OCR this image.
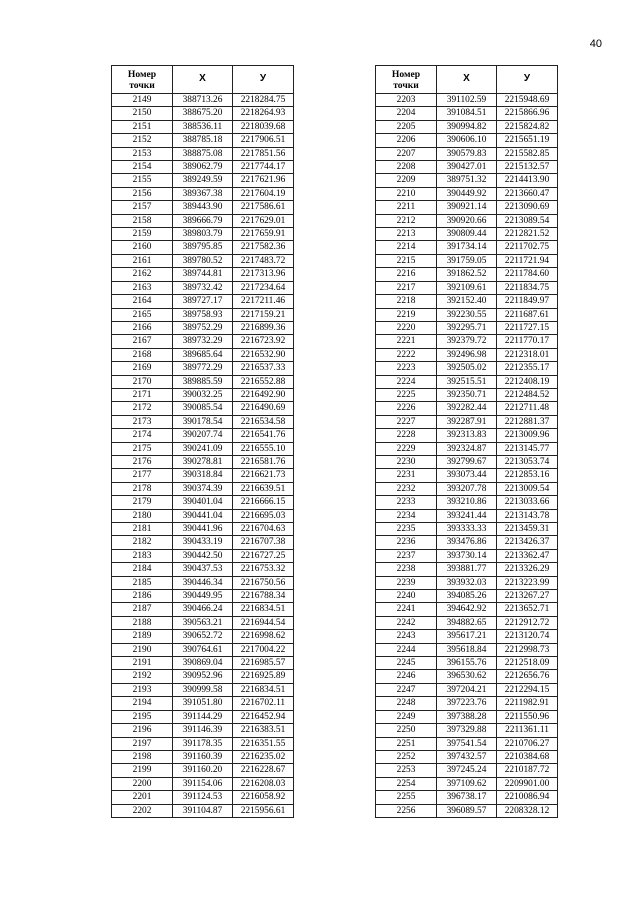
40
Номер
точки	Х	У
2149	388713.26	2218284.75
2150	388675.20	2218264.93
2151	388536.11	2218039.68
2152	388785.18	2217906.51
2153	388875.08	2217851.56
2154	389062.79	2217744.17
2155	389249.59	2217621.96
2156	389367.38	2217604.19
2157	389443.90	2217586.61
2158	389666.79	2217629.01
2159	389803.79	2217659.91
2160	389795.85	2217582.36
2161	389780.52	2217483.72
2162	389744.81	2217313.96
2163	389732.42	2217234.64
2164	389727.17	2217211.46
2165	389758.93	2217159.21
2166	389752.29	2216899.36
2167	389732.29	2216723.92
2168	389685.64	2216532.90
2169	389772.29	2216537.33
2170	389885.59	2216552.88
2171	390032.25	2216492.90
2172	390085.54	2216490.69
2173	390178.54	2216534.58
2174	390207.74	2216541.76
2175	390241.09	2216555.10
2176	390278.81	2216581.76
2177	390318.84	2216621.73
2178	390374.39	2216639.51
2179	390401.04	2216666.15
2180	390441.04	2216695.03
2181	390441.96	2216704.63
2182	390433.19	2216707.38
2183	390442.50	2216727.25
2184	390437.53	2216753.32
2185	390446.34	2216750.56
2186	390449.95	2216788.34
2187	390466.24	2216834.51
2188	390563.21	2216944.54
2189	390652.72	2216998.62
2190	390764.61	2217004.22
2191	390869.04	2216985.57
2192	390952.96	2216925.89
2193	390999.58	2216834.51
2194	391051.80	2216702.11
2195	391144.29	2216452.94
2196	391146.39	2216383.51
2197	391178.35	2216351.55
2198	391160.39	2216235.02
2199	391160.20	2216228.67
2200	391154.06	2216208.03
2201	391124.53	2216058.92
2202	391104.87	2215956.61
Номер
точки	Х	У
2203	391102.59	2215948.69
2204	391084.51	2215866.96
2205	390994.82	2215824.82
2206	390606.10	2215651.19
2207	390579.83	2215582.85
2208	390427.01	2215132.57
2209	389751.32	2214413.90
2210	390449.92	2213660.47
2211	390921.14	2213090.69
2212	390920.66	2213089.54
2213	390809.44	2212821.52
2214	391734.14	2211702.75
2215	391759.05	2211721.94
2216	391862.52	2211784.60
2217	392109.61	2211834.75
2218	392152.40	2211849.97
2219	392230.55	2211687.61
2220	392295.71	2211727.15
2221	392379.72	2211770.17
2222	392496.98	2212318.01
2223	392505.02	2212355.17
2224	392515.51	2212408.19
2225	392350.71	2212484.52
2226	392282.44	2212711.48
2227	392287.91	2212881.37
2228	392313.83	2213009.96
2229	392324.87	2213145.77
2230	392799.67	2213053.74
2231	393073.44	2212853.16
2232	393207.78	2213009.54
2233	393210.86	2213033.66
2234	393241.44	2213143.78
2235	393333.33	2213459.31
2236	393476.86	2213426.37
2237	393730.14	2213362.47
2238	393881.77	2213326.29
2239	393932.03	2213223.99
2240	394085.26	2213267.27
2241	394642.92	2213652.71
2242	394882.65	2212912.72
2243	395617.21	2213120.74
2244	395618.84	2212998.73
2245	396155.76	2212518.09
2246	396530.62	2212656.76
2247	397204.21	2212294.15
2248	397223.76	2211982.91
2249	397388.28	2211550.96
2250	397329.88	2211361.11
2251	397541.54	2210706.27
2252	397432.57	2210384.68
2253	397245.24	2210187.72
2254	397109.62	2209901.00
2255	396738.17	2210086.94
2256	396089.57	2208328.12
